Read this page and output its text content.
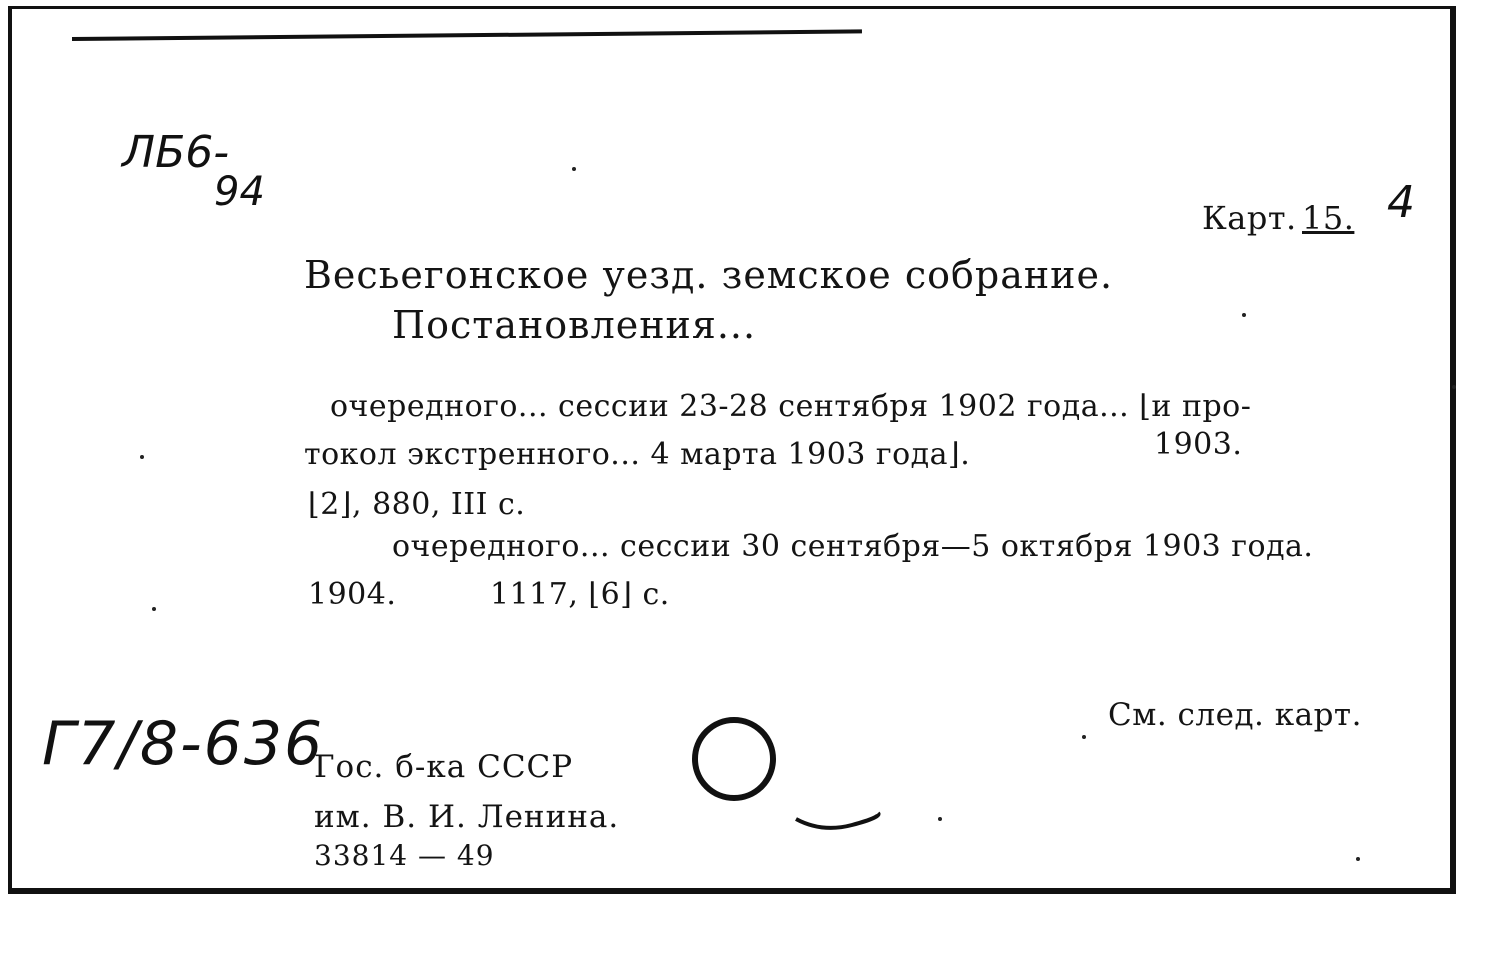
ЛБ6-
94
Карт. 15. 4
Весьегонское уезд. земское собрание.
Постановления...
очередного... сессии 23-28 сентября 1902 года... ⌊и про-
токол экстренного... 4 марта 1903 года⌋.	1903.
⌊2⌋, 880, III с.
очередного... сессии 30 сентября—5 октября 1903 года.
1904.	1117, ⌊6⌋ с.
См. след. карт.
Г7/8-636
Гос. б-ка СССР
им. В. И. Ленина.
33814 — 49
